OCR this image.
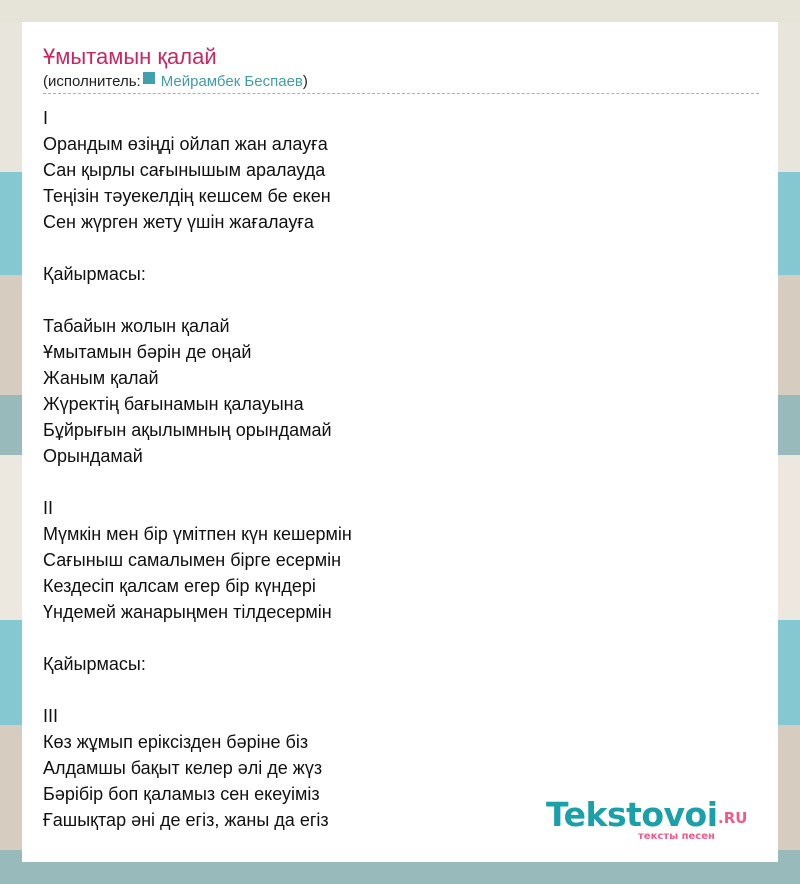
Ұмытамын қалай
(исполнитель: Мейрамбек Беспаев)
I
Орандым өзіңді ойлап жан алауға
Сан қырлы сағынышым аралауда
Теңізін тәуекелдің кешсем бе екен
Сен жүрген жету үшін жағалауға
Қайырмасы:
Табайын жолын қалай
Ұмытамын бәрін де оңай
Жаным қалай
Жүректің бағынамын қалауына
Бұйрығын ақылымның орындамай
Орындамай
II
Мүмкін мен бір үмітпен күн кешермін
Сағыныш самалымен бірге есермін
Кездесіп қалсам егер бір күндері
Үндемей жанарыңмен тілдесермін
Қайырмасы:
III
Көз жұмып еріксізден бәріне біз
Алдамшы бақыт келер әлі де жүз
Бәрібір боп қаламыз сен екеуіміз
Ғашықтар әні де егіз, жаны да егіз	Tekstovoi .RU
тексты песен
